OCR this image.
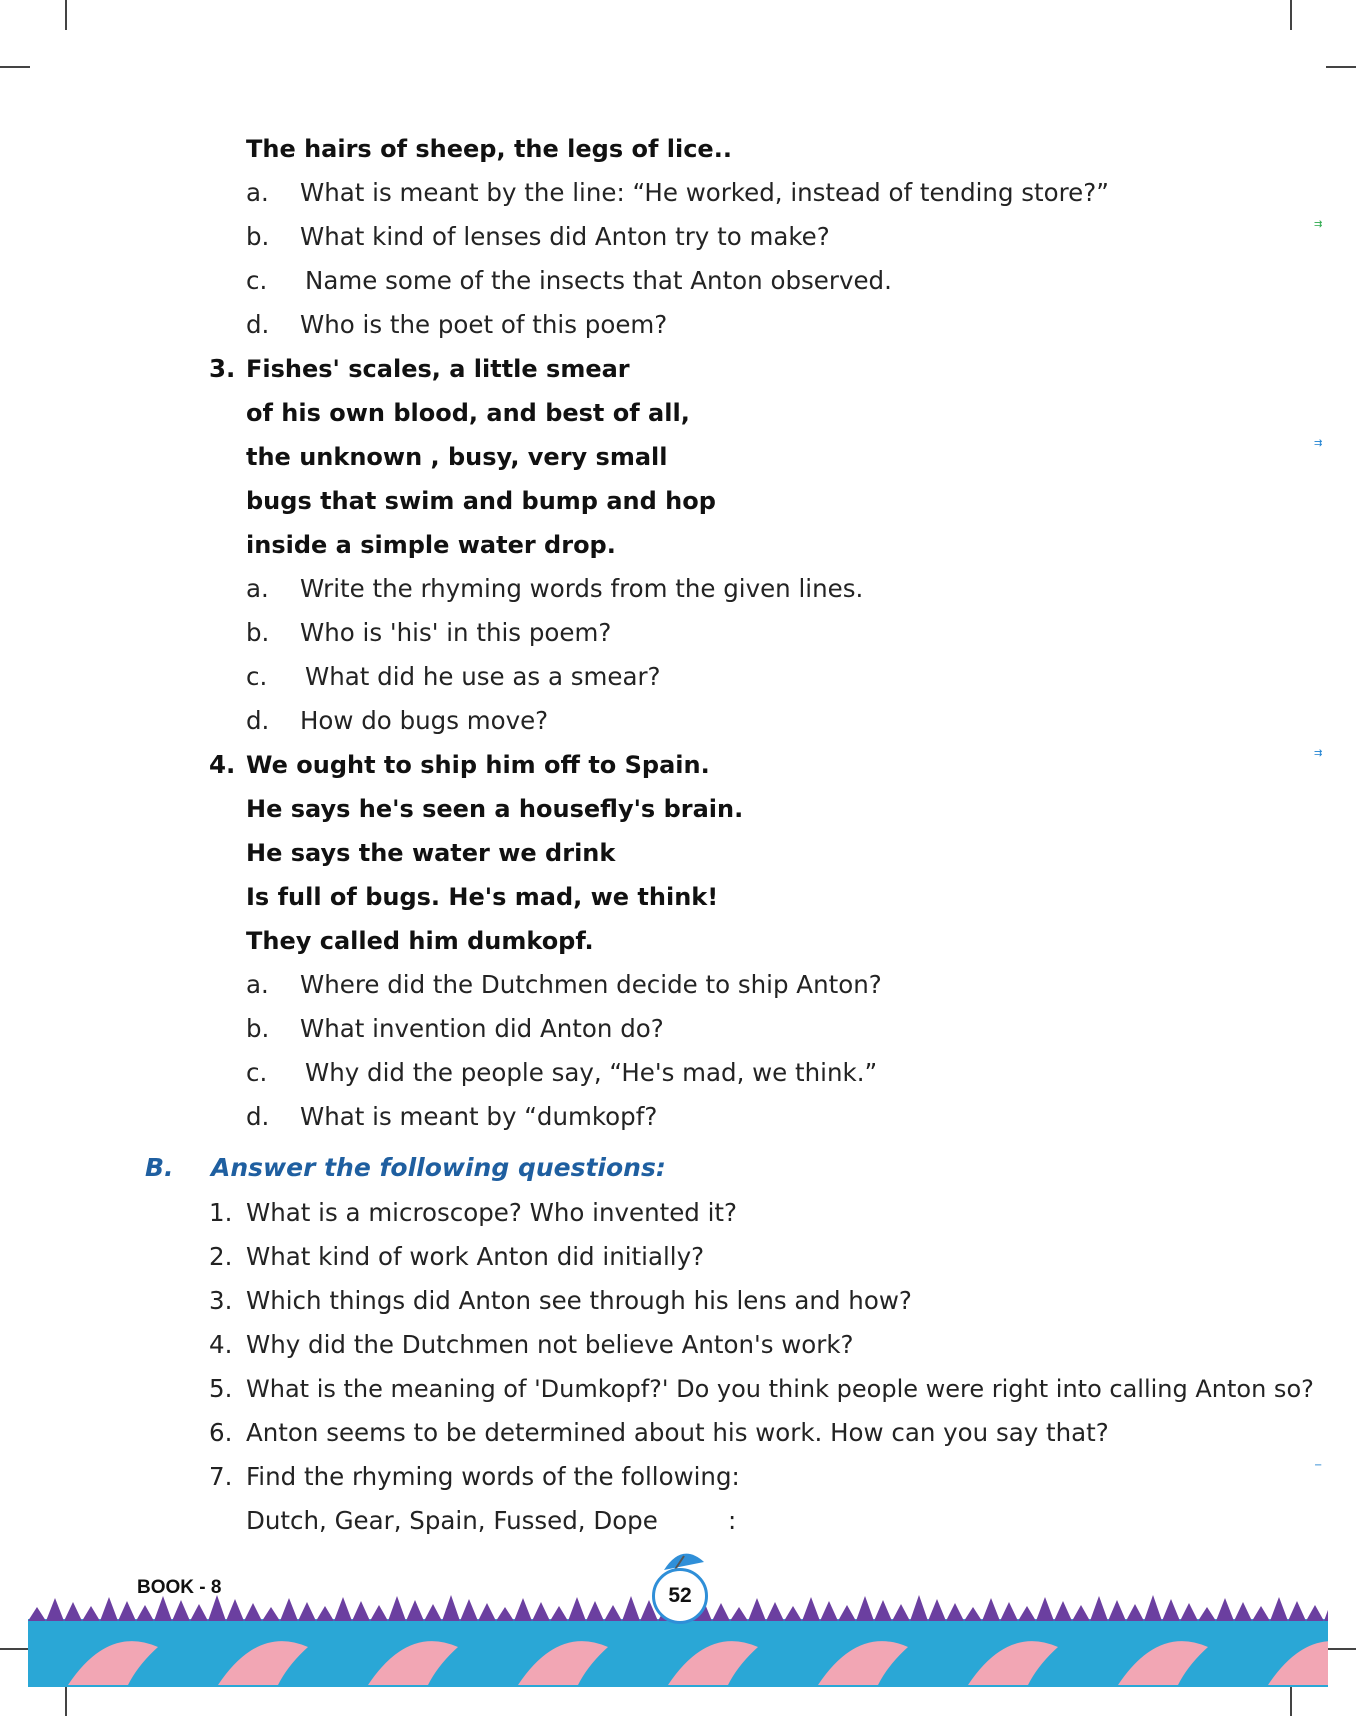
⇉
⇉
⇉
−
The hairs of sheep, the legs of lice..
a. What is meant by the line: “He worked, instead of tending store?”
b. What kind of lenses did Anton try to make?
c. Name some of the insects that Anton observed.
d. Who is the poet of this poem?
3. Fishes' scales, a little smear
of his own blood, and best of all,
the unknown , busy, very small
bugs that swim and bump and hop
inside a simple water drop.
a. Write the rhyming words from the given lines.
b. Who is 'his' in this poem?
c. What did he use as a smear?
d. How do bugs move?
4. We ought to ship him off to Spain.
He says he's seen a housefly's brain.
He says the water we drink
Is full of bugs. He's mad, we think!
They called him dumkopf.
a. Where did the Dutchmen decide to ship Anton?
b. What invention did Anton do?
c. Why did the people say, “He's mad, we think.”
d. What is meant by “dumkopf?
B. Answer the following questions:
1. What is a microscope? Who invented it?
2. What kind of work Anton did initially?
3. Which things did Anton see through his lens and how?
4. Why did the Dutchmen not believe Anton's work?
5. What is the meaning of 'Dumkopf?' Do you think people were right into calling Anton so?
6. Anton seems to be determined about his work. How can you say that?
7. Find the rhyming words of the following:
Dutch, Gear, Spain, Fussed, Dope	:
BOOK - 8	52
